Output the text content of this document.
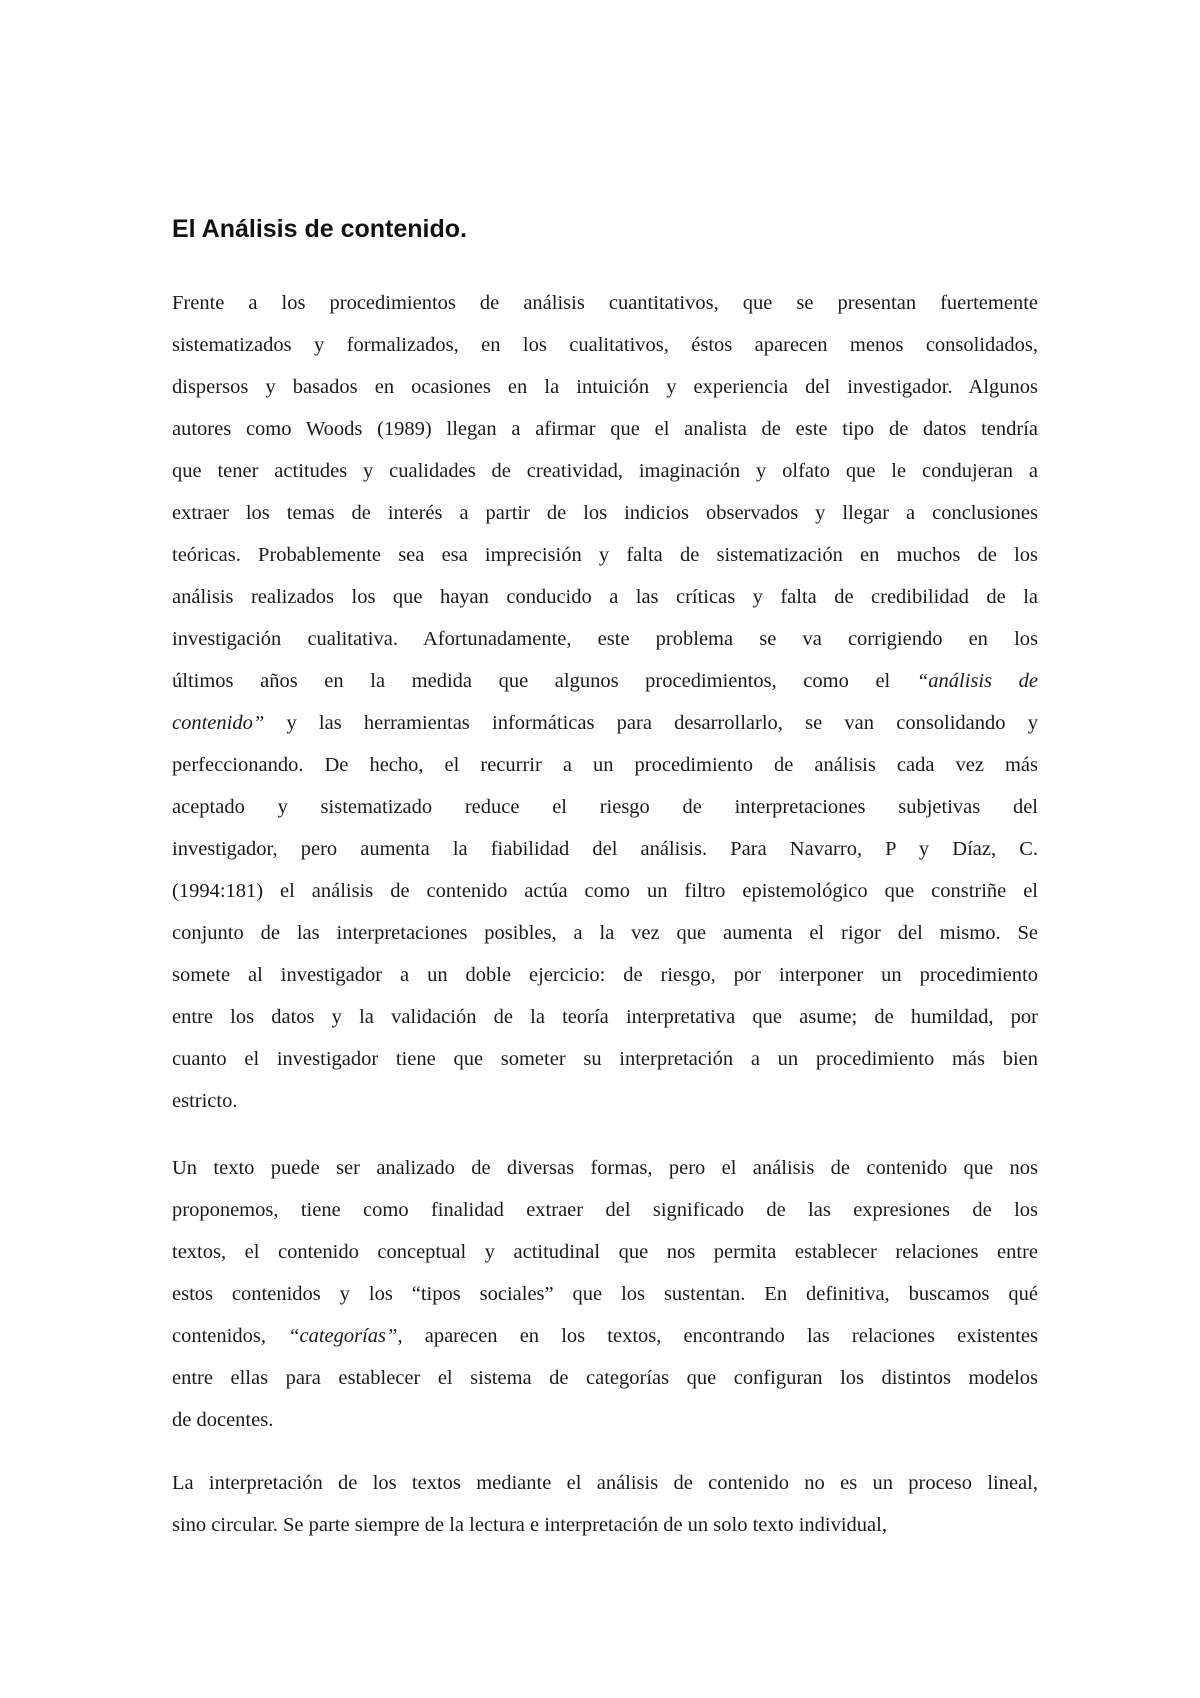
El Análisis de contenido.
Frente a los procedimientos de análisis cuantitativos, que se presentan fuertemente
sistematizados y formalizados, en los cualitativos, éstos aparecen menos consolidados,
dispersos y basados en ocasiones en la intuición y experiencia del investigador. Algunos
autores como Woods (1989) llegan a afirmar que el analista de este tipo de datos tendría
que tener actitudes y cualidades de creatividad, imaginación y olfato que le condujeran a
extraer los temas de interés a partir de los indicios observados y llegar a conclusiones
teóricas. Probablemente sea esa imprecisión y falta de sistematización en muchos de los
análisis realizados los que hayan conducido a las críticas y falta de credibilidad de la
investigación cualitativa. Afortunadamente, este problema se va corrigiendo en los
últimos años en la medida que algunos procedimientos, como el “análisis de
contenido” y las herramientas informáticas para desarrollarlo, se van consolidando y
perfeccionando. De hecho, el recurrir a un procedimiento de análisis cada vez más
aceptado y sistematizado reduce el riesgo de interpretaciones subjetivas del
investigador, pero aumenta la fiabilidad del análisis. Para Navarro, P y Díaz, C.
(1994:181) el análisis de contenido actúa como un filtro epistemológico que constriñe el
conjunto de las interpretaciones posibles, a la vez que aumenta el rigor del mismo. Se
somete al investigador a un doble ejercicio: de riesgo, por interponer un procedimiento
entre los datos y la validación de la teoría interpretativa que asume; de humildad, por
cuanto el investigador tiene que someter su interpretación a un procedimiento más bien
estricto.
Un texto puede ser analizado de diversas formas, pero el análisis de contenido que nos
proponemos, tiene como finalidad extraer del significado de las expresiones de los
textos, el contenido conceptual y actitudinal que nos permita establecer relaciones entre
estos contenidos y los “tipos sociales” que los sustentan. En definitiva, buscamos qué
contenidos, “categorías”, aparecen en los textos, encontrando las relaciones existentes
entre ellas para establecer el sistema de categorías que configuran los distintos modelos
de docentes.
La interpretación de los textos mediante el análisis de contenido no es un proceso lineal,
sino circular. Se parte siempre de la lectura e interpretación de un solo texto individual,
